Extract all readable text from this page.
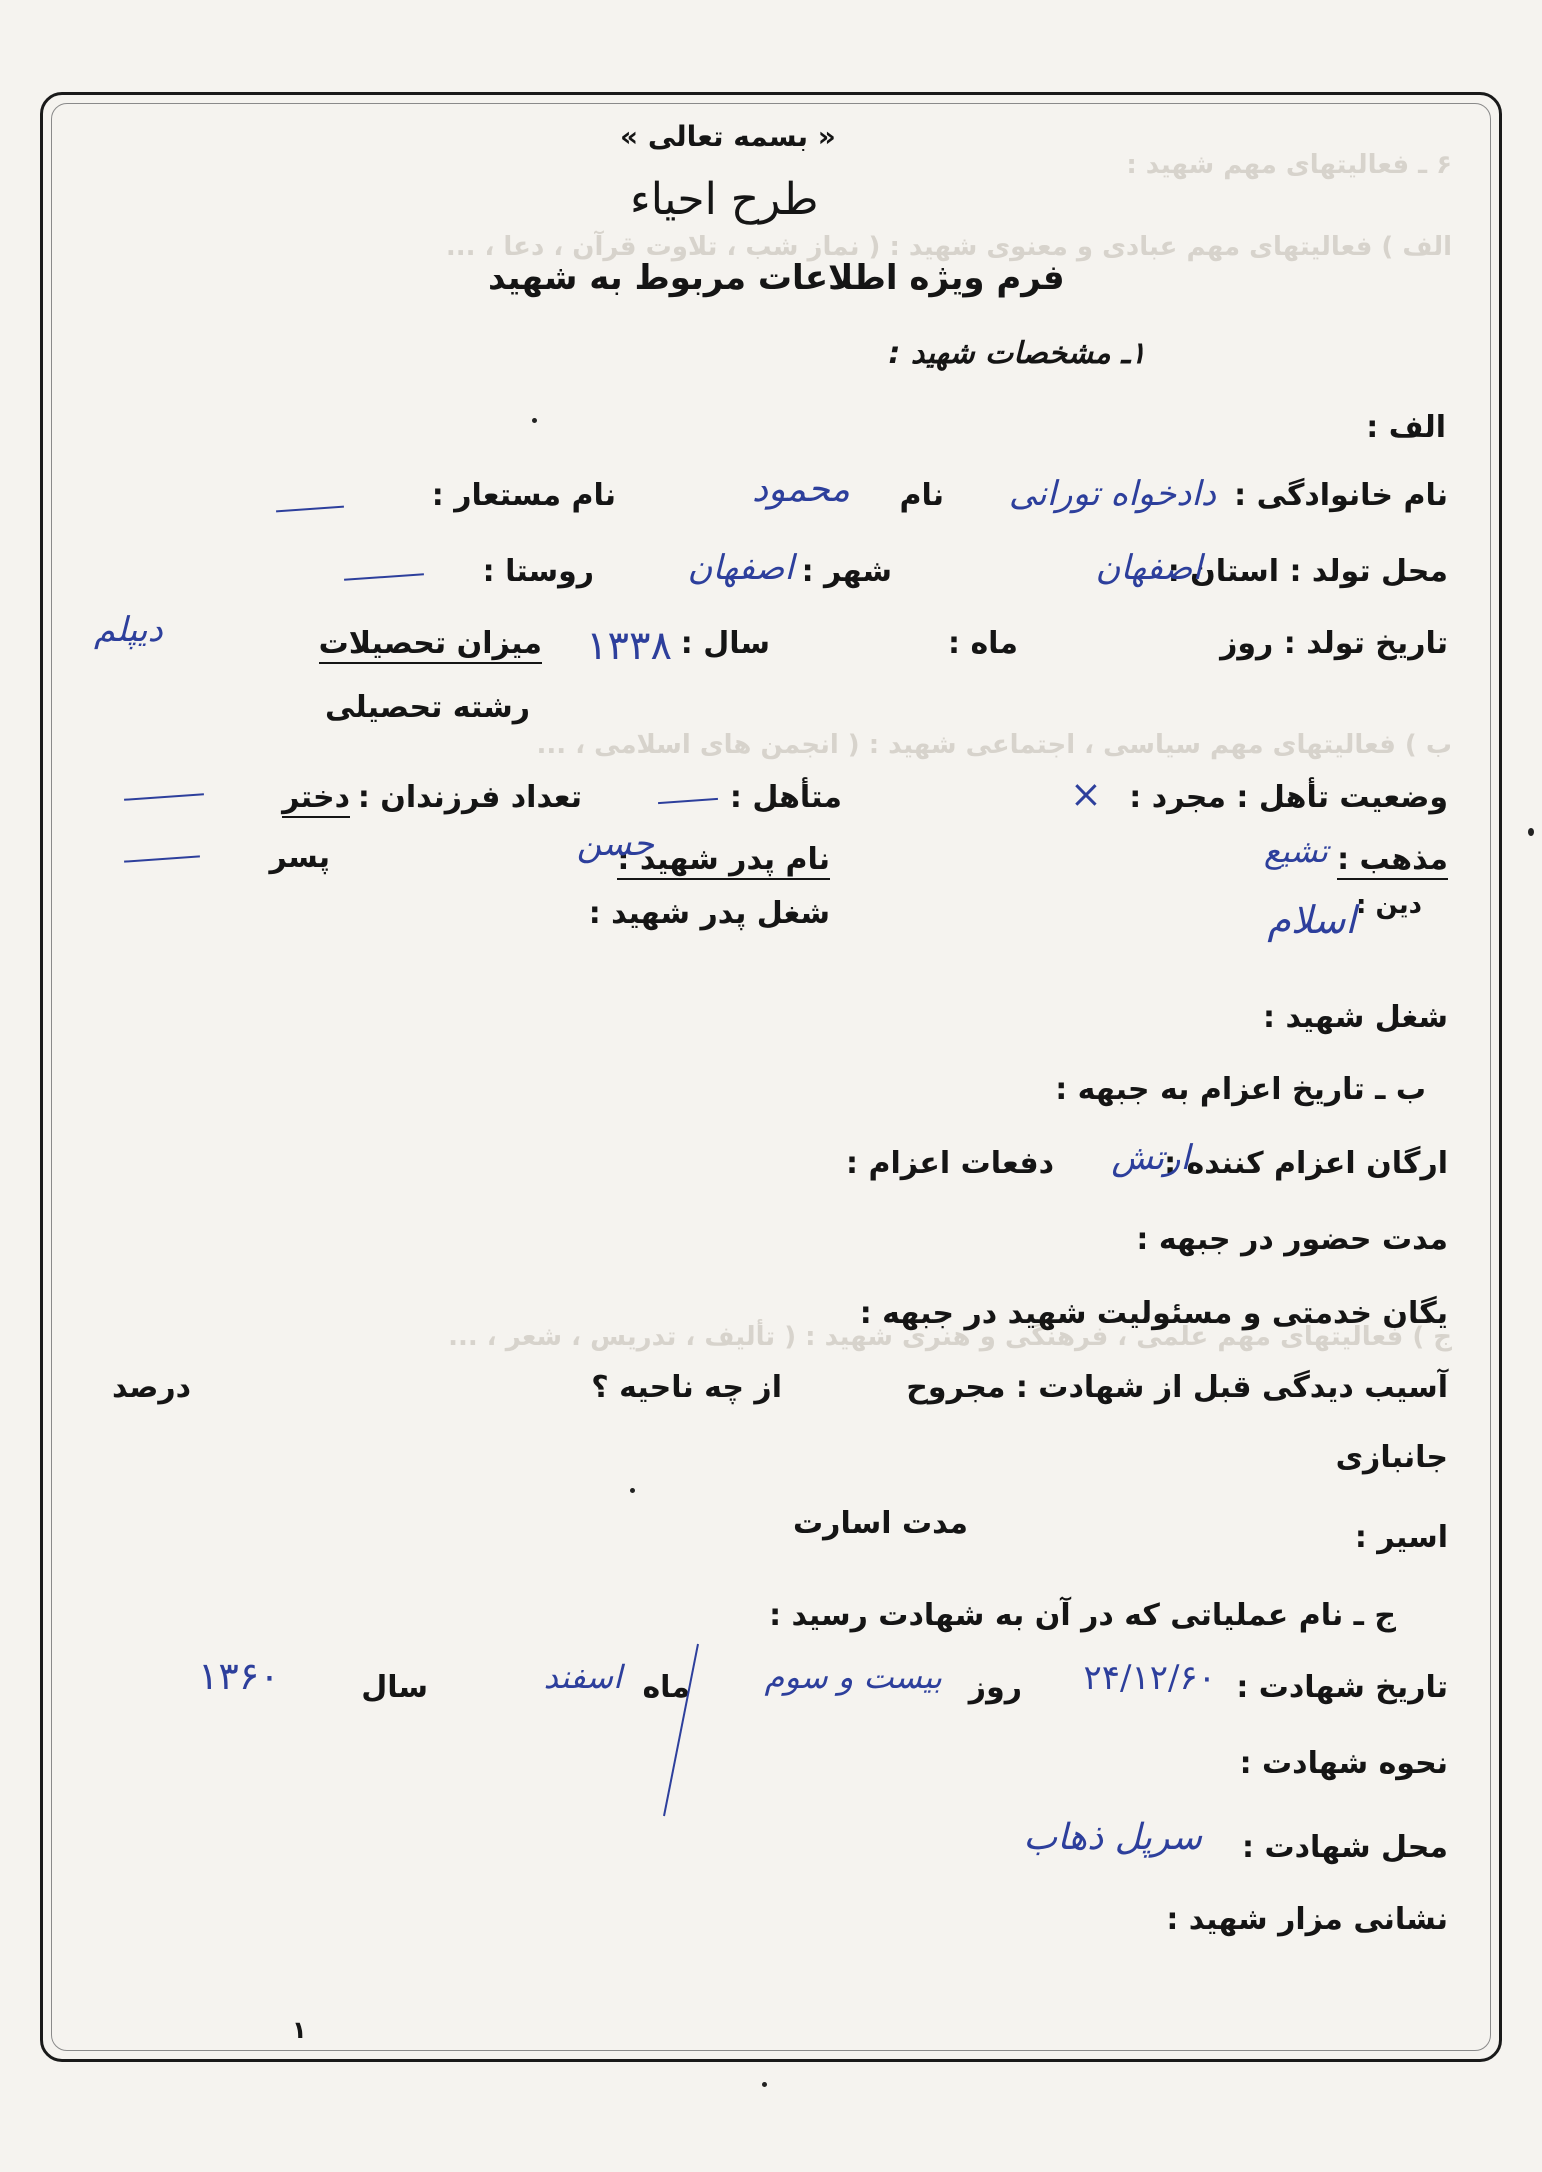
۶ ـ فعالیتهای مهم شهید :
الف ) فعالیتهای مهم عبادی و معنوی شهید : ( نماز شب ، تلاوت قرآن ، دعا ، ...
ب ) فعالیتهای مهم سیاسی ، اجتماعی شهید : ( انجمن های اسلامی ، ...
ج ) فعالیتهای مهم علمی ، فرهنگی و هنری شهید : ( تألیف ، تدریس ، شعر ، ...
« بسمه تعالی »
طرح احیاء
فرم ویژه اطلاعات مربوط به شهید
۱ـ مشخصات شهید :
الف :
نام خانوادگی :
دادخواه تورانی
نام
محمود
نام مستعار :
محل تولد : استان :
اصفهان
شهر :
اصفهان
روستا :
تاریخ تولد : روز
ماه :
سال :
۱۳۳۸
میزان تحصیلات
دیپلم
رشته تحصیلی
وضعیت تأهل : مجرد :
×
متأهل :
تعداد فرزندان :
دختر
پسر	مذهب :
تشیع
نام پدر شهید :
حسن
دین :
اسلام
شغل پدر شهید :
شغل شهید :
ب ـ تاریخ اعزام به جبهه :
ارگان اعزام کننده :
ارتش
دفعات اعزام :
مدت حضور در جبهه :
یگان خدمتی و مسئولیت شهید در جبهه :
آسیب دیدگی قبل از شهادت : مجروح
از چه ناحیه ؟
درصد
جانبازی
اسیر :
مدت اسارت
ج ـ نام عملیاتی که در آن به شهادت رسید :
تاریخ شهادت :
۲۴/۱۲/۶۰
روز
بیست و سوم
ماه
اسفند
سال
۱۳۶۰
نحوه شهادت :
محل شهادت :
سرپل ذهاب
نشانی مزار شهید :
۱
